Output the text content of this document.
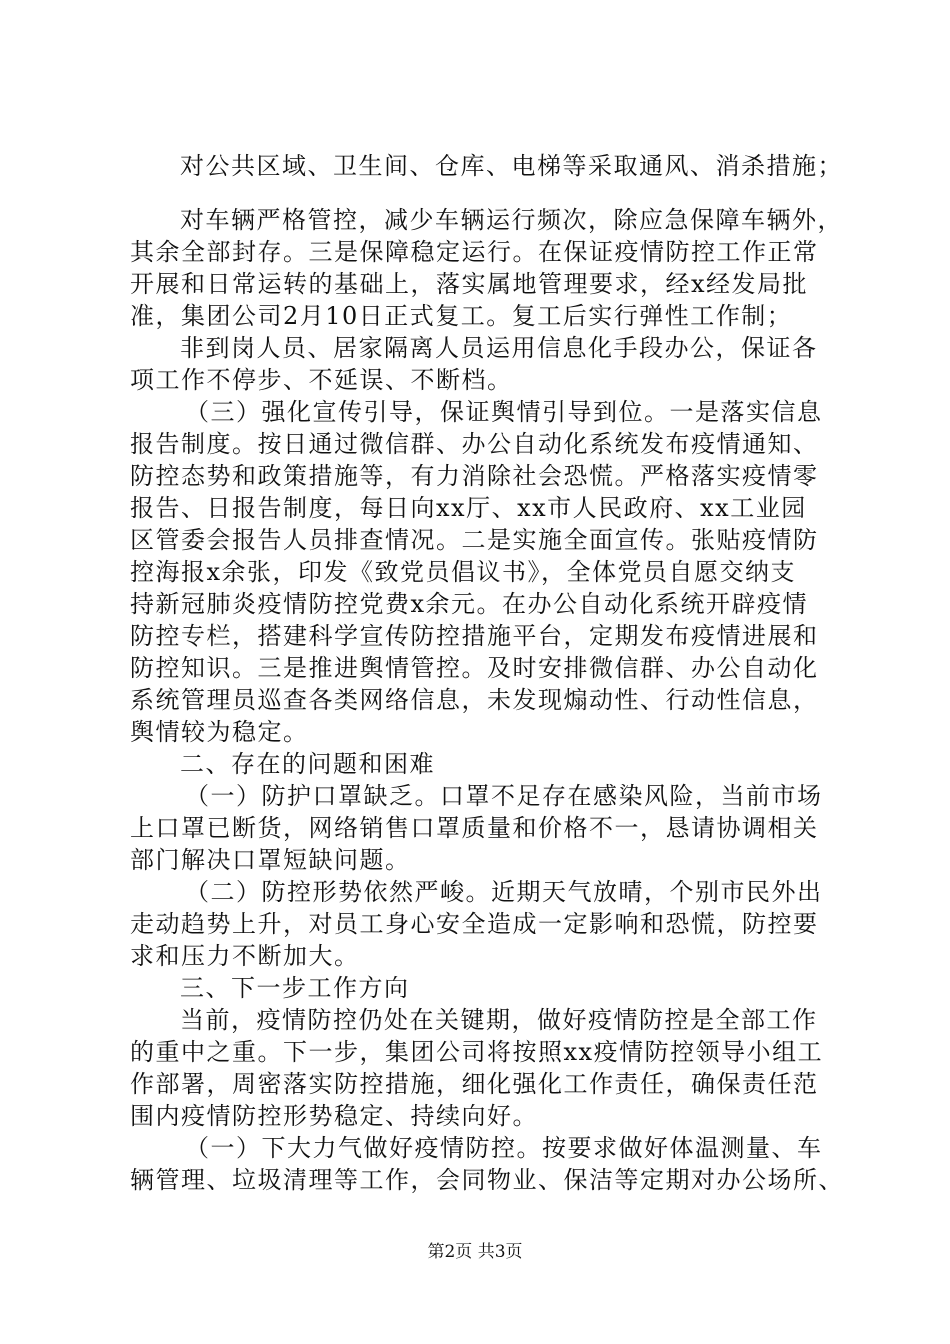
对公共区域、卫生间、仓库、电梯等采取通风、消杀措施；
对车辆严格管控，减少车辆运行频次，除应急保障车辆外，
其余全部封存。三是保障稳定运行。在保证疫情防控工作正常
开展和日常运转的基础上，落实属地管理要求，经x经发局批
准，集团公司2月10日正式复工。复工后实行弹性工作制；
非到岗人员、居家隔离人员运用信息化手段办公，保证各
项工作不停步、不延误、不断档。
（三）强化宣传引导，保证舆情引导到位。一是落实信息
报告制度。按日通过微信群、办公自动化系统发布疫情通知、
防控态势和政策措施等，有力消除社会恐慌。严格落实疫情零
报告、日报告制度，每日向xx厅、xx市人民政府、xx工业园
区管委会报告人员排查情况。二是实施全面宣传。张贴疫情防
控海报x余张，印发《致党员倡议书》，全体党员自愿交纳支
持新冠肺炎疫情防控党费x余元。在办公自动化系统开辟疫情
防控专栏，搭建科学宣传防控措施平台，定期发布疫情进展和
防控知识。三是推进舆情管控。及时安排微信群、办公自动化
系统管理员巡查各类网络信息，未发现煽动性、行动性信息，
舆情较为稳定。
二、存在的问题和困难
（一）防护口罩缺乏。口罩不足存在感染风险，当前市场
上口罩已断货，网络销售口罩质量和价格不一，恳请协调相关
部门解决口罩短缺问题。
（二）防控形势依然严峻。近期天气放晴，个别市民外出
走动趋势上升，对员工身心安全造成一定影响和恐慌，防控要
求和压力不断加大。
三、下一步工作方向
当前，疫情防控仍处在关键期，做好疫情防控是全部工作
的重中之重。下一步，集团公司将按照xx疫情防控领导小组工
作部署，周密落实防控措施，细化强化工作责任，确保责任范
围内疫情防控形势稳定、持续向好。
（一）下大力气做好疫情防控。按要求做好体温测量、车
辆管理、垃圾清理等工作，会同物业、保洁等定期对办公场所、
第2页 共3页
